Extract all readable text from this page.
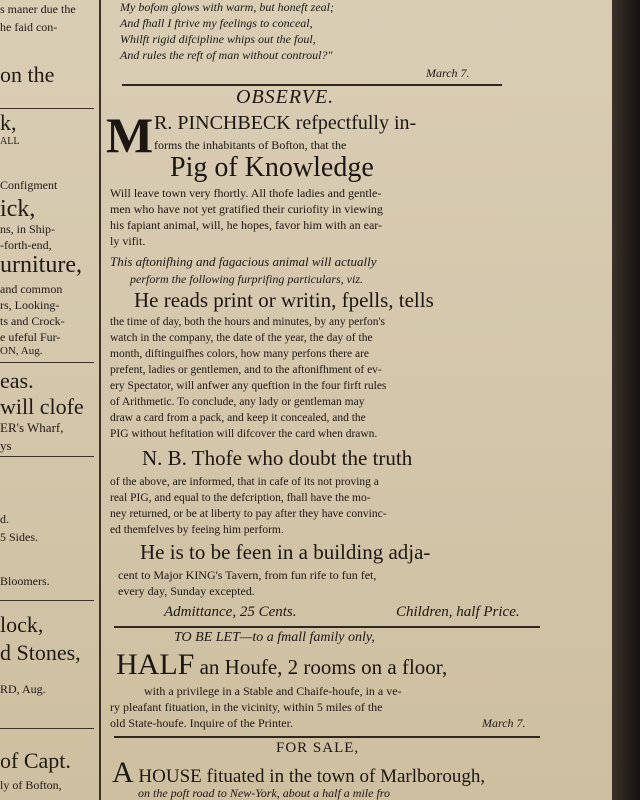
s maner due the
he faid con-
on the
k,
ALL
Configment
ick,
ns, in Ship-
-forth-end,
urniture,
and common
rs, Looking-
ts and Crock-
e ufeful Fur-
ON, Aug.
eas.
will clofe
ER's Wharf,
ys
d.
5 Sides.
Bloomers.
lock,
d Stones,
RD, Aug.
of Capt.
ly of Bofton,
My bofom glows with warm, but honeft zeal;
And fhall I ftrive my feelings to conceal,
Whilft rigid difcipline whips out the foul,
And rules the reft of man without controul?"
March 7.
OBSERVE.
M R. PINCHBECK refpectfully in-
forms the inhabitants of Bofton, that the
Pig of Knowledge
Will leave town very fhortly. All thofe ladies and gentle-
men who have not yet gratified their curiofity in viewing
his fapiant animal, will, he hopes, favor him with an ear-
ly vifit.
This aftonifhing and fagacious animal will actually
perform the following furprifing particulars, viz.
He reads print or writin, fpells, tells
the time of day, both the hours and minutes, by any perfon's
watch in the company, the date of the year, the day of the
month, diftinguifhes colors, how many perfons there are
prefent, ladies or gentlemen, and to the aftonifhment of ev-
ery Spectator, will anfwer any queftion in the four firft rules
of Arithmetic. To conclude, any lady or gentleman may
draw a card from a pack, and keep it concealed, and the
PIG without hefitation will difcover the card when drawn.
N. B. Thofe who doubt the truth
of the above, are informed, that in cafe of its not proving a
real PIG, and equal to the defcription, fhall have the mo-
ney returned, or be at liberty to pay after they have convinc-
ed themfelves by feeing him perform.
He is to be feen in a building adja-
cent to Major KING's Tavern, from fun rife to fun fet,
every day, Sunday excepted.
Admittance, 25 Cents.	Children, half Price.
TO BE LET—to a fmall family only,
HALF an Houfe, 2 rooms on a floor,
with a privilege in a Stable and Chaife-houfe, in a ve-
ry pleafant fituation, in the vicinity, within 5 miles of the
old State-houfe. Inquire of the Printer.	March 7.
FOR SALE,
A HOUSE fituated in the town of Marlborough,
on the poft road to New-York, about a half a mile fro
